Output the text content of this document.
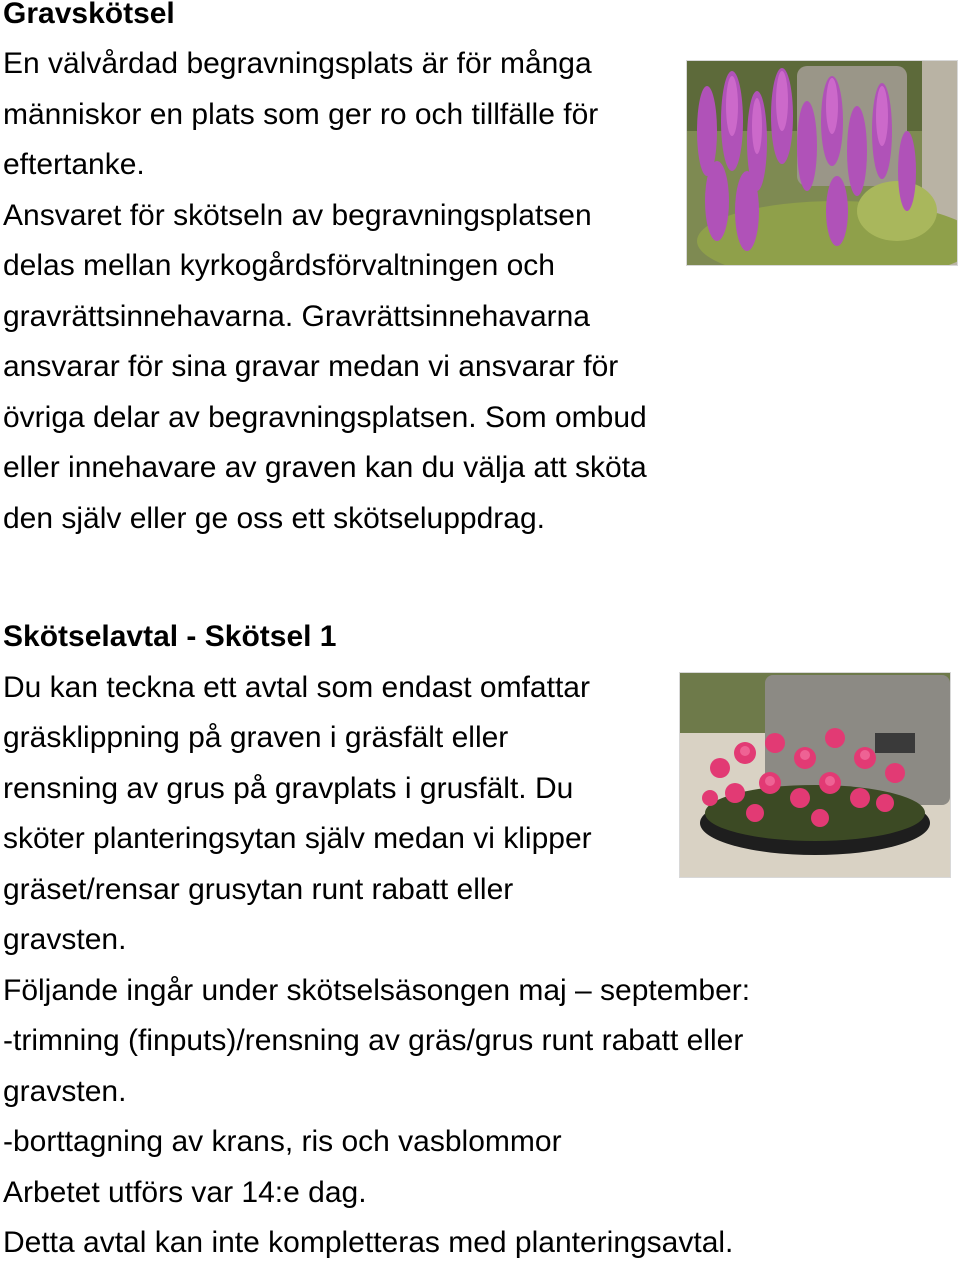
Gravskötsel
En välvårdad begravningsplats är för många
människor en plats som ger ro och tillfälle för
eftertanke.
Ansvaret för skötseln av begravningsplatsen
delas mellan kyrkogårdsförvaltningen och
gravrättsinnehavarna. Gravrättsinnehavarna
ansvarar för sina gravar medan vi ansvarar för
övriga delar av begravningsplatsen. Som ombud
eller innehavare av graven kan du välja att sköta
den själv eller ge oss ett skötseluppdrag.
Skötselavtal - Skötsel 1
Du kan teckna ett avtal som endast omfattar
gräsklippning på graven i gräsfält eller
rensning av grus på gravplats i grusfält. Du
sköter planteringsytan själv medan vi klipper
gräset/rensar grusytan runt rabatt eller
gravsten.
Följande ingår under skötselsäsongen maj – september:
-trimning (finputs)/rensning av gräs/grus runt rabatt eller
gravsten.
-borttagning av krans, ris och vasblommor
Arbetet utförs var 14:e dag.
Detta avtal kan inte kompletteras med planteringsavtal.
